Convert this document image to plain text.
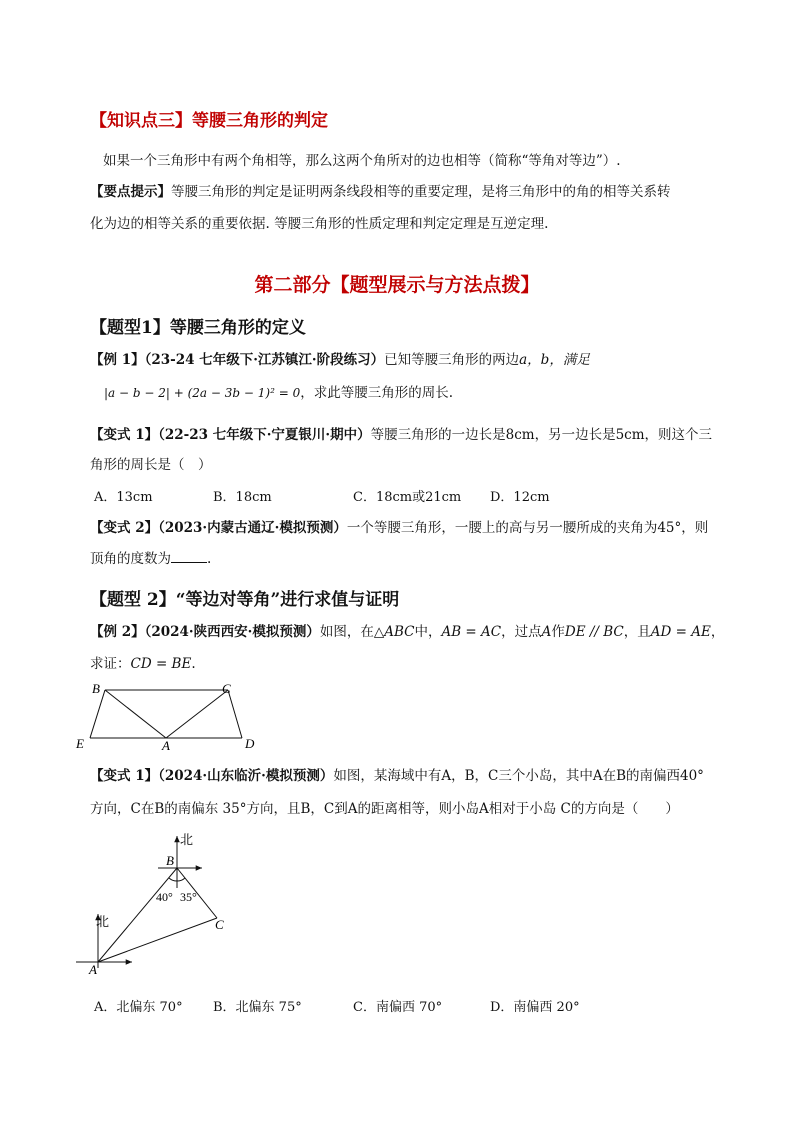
【知识点三】等腰三角形的判定
如果一个三角形中有两个角相等，那么这两个角所对的边也相等（简称“等角对等边”）.
【要点提示】等腰三角形的判定是证明两条线段相等的重要定理，是将三角形中的角的相等关系转
化为边的相等关系的重要依据. 等腰三角形的性质定理和判定定理是互逆定理.
第二部分【题型展示与方法点拨】
【题型1】等腰三角形的定义
【例 1】（23-24 七年级下·江苏镇江·阶段练习）已知等腰三角形的两边a，b，满足
|a − b − 2| + (2a − 3b − 1)² = 0，求此等腰三角形的周长.
【变式 1】（22-23 七年级下·宁夏银川·期中）等腰三角形的一边长是8cm，另一边长是5cm，则这个三
角形的周长是（　）
A．13cm	B．18cm	C．18cm或21cm D．12cm
【变式 2】（2023·内蒙古通辽·模拟预测）一个等腰三角形，一腰上的高与另一腰所成的夹角为45°，则
顶角的度数为	.
【题型 2】“等边对等角”进行求值与证明
【例 2】（2024·陕西西安·模拟预测）如图，在△ABC中，AB = AC，过点A作DE // BC，且AD = AE，
求证：CD = BE.
B	C
E	A	D
【变式 1】（2024·山东临沂·模拟预测）如图，某海域中有A，B，C三个小岛，其中A在B的南偏西40°
方向，C在B的南偏东 35°方向，且B，C到A的距离相等，则小岛A相对于小岛 C的方向是（　　）
北
北
B
C
A
40° 35°
A．北偏东 70° B．北偏东 75°	C．南偏西 70°	D．南偏西 20°
